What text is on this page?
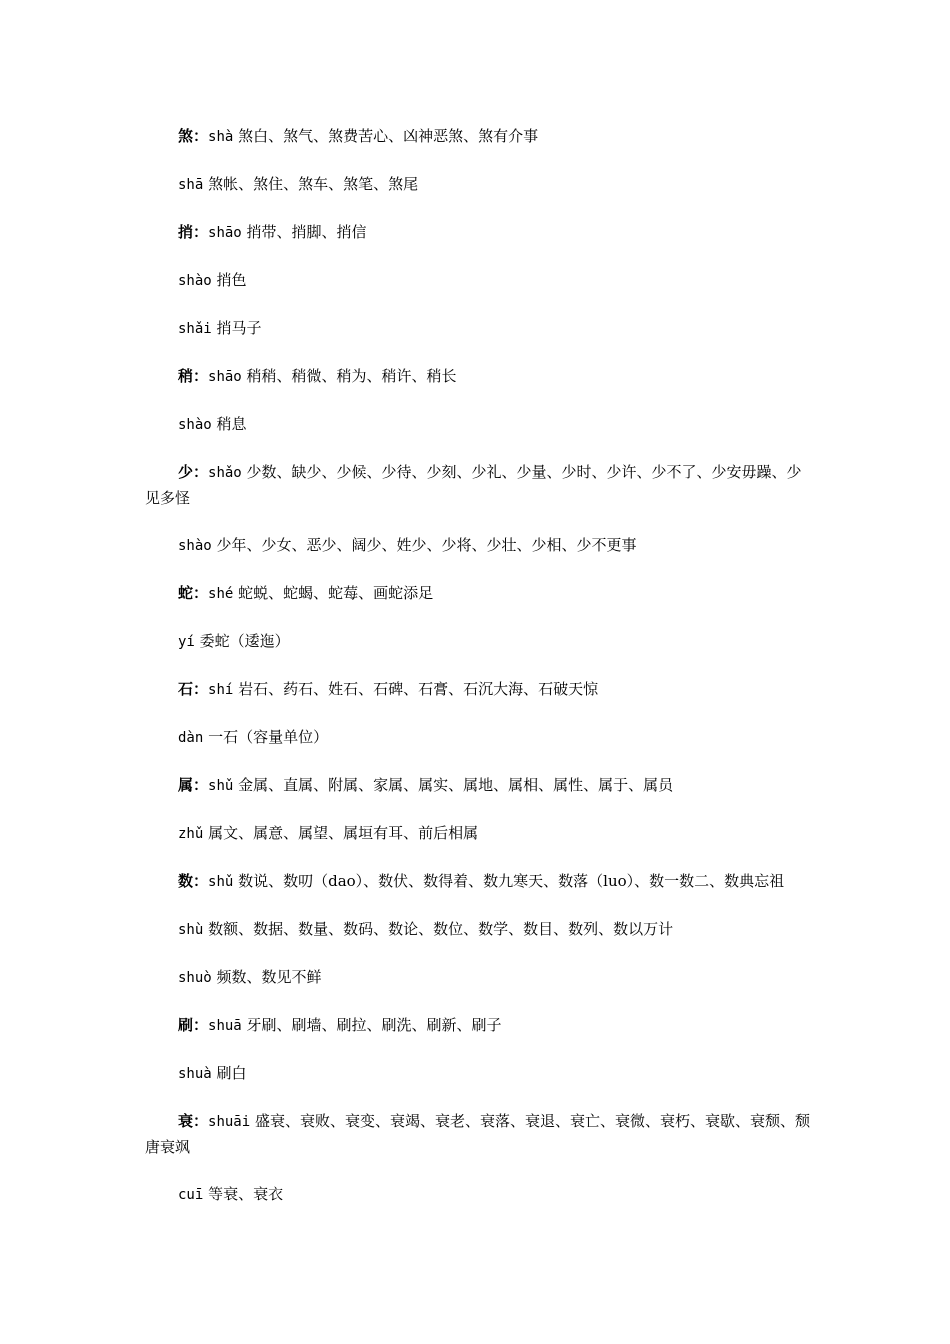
煞：shà 煞白、煞气、煞费苦心、凶神恶煞、煞有介事

shā 煞帐、煞住、煞车、煞笔、煞尾

捎：shāo 捎带、捎脚、捎信

shào 捎色

shǎi 捎马子

稍：shāo 稍稍、稍微、稍为、稍许、稍长

shào 稍息

少：shǎo 少数、缺少、少候、少待、少刻、少礼、少量、少时、少许、少不了、少安毋躁、少见多怪

shào 少年、少女、恶少、阔少、姓少、少将、少壮、少相、少不更事

蛇：shé 蛇蜕、蛇蝎、蛇莓、画蛇添足

yí 委蛇（逶迤）

石：shí 岩石、药石、姓石、石碑、石膏、石沉大海、石破天惊

dàn 一石（容量单位）

属：shǔ 金属、直属、附属、家属、属实、属地、属相、属性、属于、属员

zhǔ 属文、属意、属望、属垣有耳、前后相属

数：shǔ 数说、数叨（dao）、数伏、数得着、数九寒天、数落（luo）、数一数二、数典忘祖

shù 数额、数据、数量、数码、数论、数位、数学、数目、数列、数以万计

shuò 频数、数见不鲜

刷：shuā 牙刷、刷墙、刷拉、刷洗、刷新、刷子

shuà 刷白

衰：shuāi 盛衰、衰败、衰变、衰竭、衰老、衰落、衰退、衰亡、衰微、衰朽、衰歇、衰颓、颓唐衰飒

cuī 等衰、衰衣
